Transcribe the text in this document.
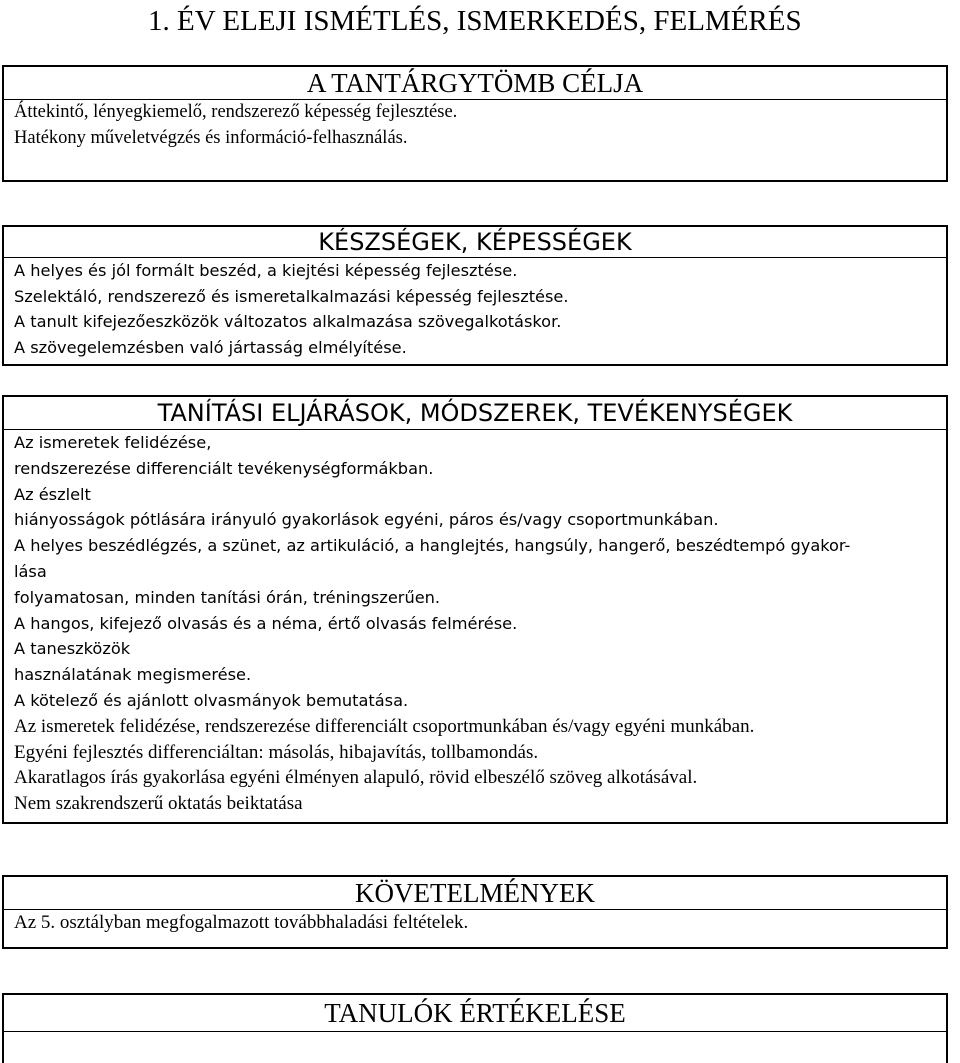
1. ÉV ELEJI ISMÉTLÉS, ISMERKEDÉS, FELMÉRÉS
A TANTÁRGYTÖMB CÉLJA
Áttekintő, lényegkiemelő, rendszerező képesség fejlesztése.
Hatékony műveletvégzés és információ-felhasználás.
KÉSZSÉGEK, KÉPESSÉGEK
A helyes és jól formált beszéd, a kiejtési képesség fejlesztése.
Szelektáló, rendszerező és ismeretalkalmazási képesség fejlesztése.
A tanult kifejezőeszközök változatos alkalmazása szövegalkotáskor.
A szövegelemzésben való jártasság elmélyítése.
TANÍTÁSI ELJÁRÁSOK, MÓDSZEREK, TEVÉKENYSÉGEK
Az ismeretek felidézése,
rendszerezése differenciált tevékenységformákban.
Az észlelt
hiányosságok pótlására irányuló gyakorlások egyéni, páros és/vagy csoportmunkában.
A helyes beszédlégzés, a szünet, az artikuláció, a hanglejtés, hangsúly, hangerő, beszédtempó gyakor-
lása
folyamatosan, minden tanítási órán, tréningszerűen.
A hangos, kifejező olvasás és a néma, értő olvasás felmérése.
A taneszközök
használatának megismerése.
A kötelező és ajánlott olvasmányok bemutatása.
Az ismeretek felidézése, rendszerezése differenciált csoportmunkában és/vagy egyéni munkában.
Egyéni fejlesztés differenciáltan: másolás, hibajavítás, tollbamondás.
Akaratlagos írás gyakorlása egyéni élményen alapuló, rövid elbeszélő szöveg alkotásával.
Nem szakrendszerű oktatás beiktatása
KÖVETELMÉNYEK
Az 5. osztályban megfogalmazott továbbhaladási feltételek.
TANULÓK ÉRTÉKELÉSE
